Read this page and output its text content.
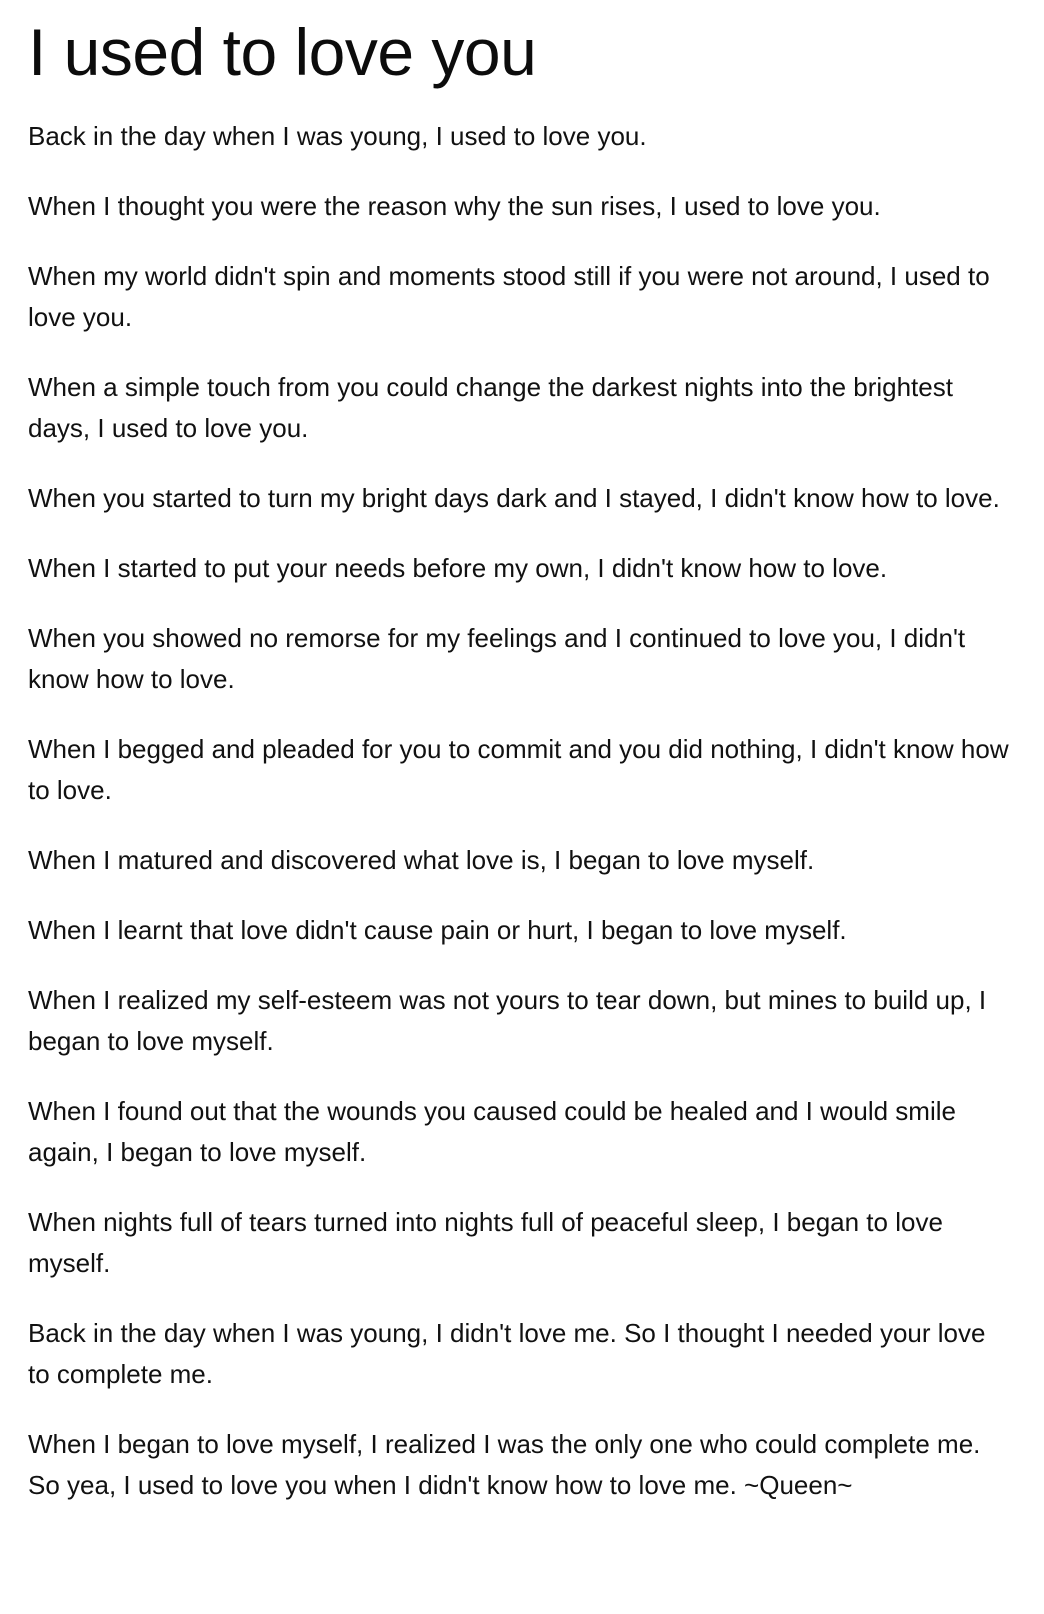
I used to love you

Back in the day when I was young, I used to love you.

When I thought you were the reason why the sun rises, I used to love you.

When my world didn't spin and moments stood still if you were not around, I used to love you.

When a simple touch from you could change the darkest nights into the brightest days, I used to love you.

When you started to turn my bright days dark and I stayed, I didn't know how to love.

When I started to put your needs before my own, I didn't know how to love.

When you showed no remorse for my feelings and I continued to love you, I didn't know how to love.

When I begged and pleaded for you to commit and you did nothing, I didn't know how to love.

When I matured and discovered what love is, I began to love myself.

When I learnt that love didn't cause pain or hurt, I began to love myself.

When I realized my self-esteem was not yours to tear down, but mines to build up, I began to love myself.

When I found out that the wounds you caused could be healed and I would smile again, I began to love myself.

When nights full of tears turned into nights full of peaceful sleep, I began to love myself.

Back in the day when I was young, I didn't love me. So I thought I needed your love to complete me.

When I began to love myself, I realized I was the only one who could complete me.  So yea, I used to love you when I didn't know how to love me. ~Queen~
